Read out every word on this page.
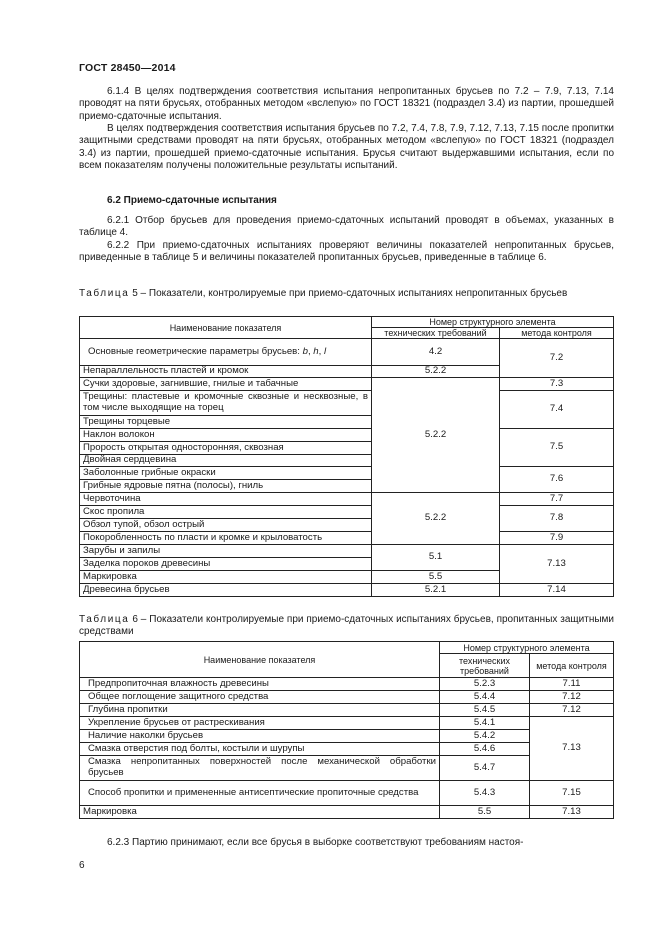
ГОСТ 28450—2014

6.1.4 В целях подтверждения соответствия испытания непропитанных брусьев по 7.2 – 7.9, 7.13, 7.14 проводят на пяти брусьях, отобранных методом «вслепую» по ГОСТ 18321 (подраздел 3.4) из партии, прошедшей приемо-сдаточные испытания.

В целях подтверждения соответствия испытания брусьев по 7.2, 7.4, 7.8, 7.9, 7.12, 7.13, 7.15 после пропитки защитными средствами проводят на пяти брусьях, отобранных методом «вслепую» по ГОСТ 18321 (подраздел 3.4) из партии, прошедшей приемо-сдаточные испытания. Брусья считают выдержавшими испытания, если по всем показателям получены положительные результаты испытаний.

6.2 Приемо-сдаточные испытания

6.2.1 Отбор брусьев для проведения приемо-сдаточных испытаний проводят в объемах, указанных в таблице 4.

6.2.2 При приемо-сдаточных испытаниях проверяют величины показателей непропитанных брусьев, приведенные в таблице 5 и величины показателей пропитанных брусьев, приведенные в таблице 6.

Таблица 5 – Показатели, контролируемые при приемо-сдаточных испытаниях непропитанных брусьев

Наименование показателя	Номер структурного элемента	
	технических требований	метода контроля
Основные геометрические параметры брусьев: b, h, l	4.2	7.2
Непараллельность пластей и кромок	5.2.2	
Сучки здоровые, загнившие, гнилые и табачные	5.2.2	7.3
Трещины: пластевые и кромочные сквозные и несквозные, в том числе выходящие на торец		7.4
Трещины торцевые		
Наклон волокон		7.5
Прорость открытая односторонняя, сквозная		
Двойная сердцевина		
Заболонные грибные окраски		7.6
Грибные ядровые пятна (полосы), гниль		
Червоточина	5.2.2	7.7
Скос пропила		7.8
Обзол тупой, обзол острый		
Покоробленность по пласти и кромке и крыловатость		7.9
Зарубы и запилы	5.1	7.13
Заделка пороков древесины		
Маркировка	5.5	
Древесина брусьев	5.2.1	7.14

Таблица 6 – Показатели контролируемые при приемо-сдаточных испытаниях брусьев, пропитанных защитными средствами

Наименование показателя	Номер структурного элемента	
	технических требований	метода контроля
Предпропиточная влажность древесины	5.2.3	7.11
Общее поглощение защитного средства	5.4.4	7.12
Глубина пропитки	5.4.5	7.12
Укрепление брусьев от растрескивания	5.4.1	7.13
Наличие наколки брусьев	5.4.2	
Смазка отверстия под болты, костыли и шурупы	5.4.6	
Смазка непропитанных поверхностей после механической обработки брусьев	5.4.7	
Способ пропитки и примененные антисептические пропиточные средства	5.4.3	7.15
Маркировка	5.5	7.13

6.2.3 Партию принимают, если все брусья в выборке соответствуют требованиям настоя-

6
